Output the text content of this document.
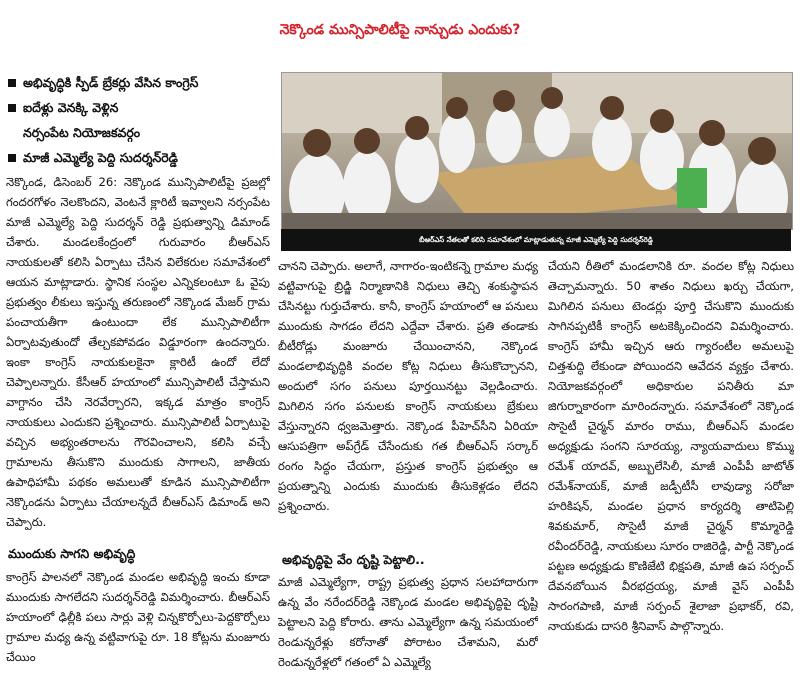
నెక్కొండ మున్సిపాలిటీపై నాన్చుడు ఎందుకు?
అభివృద్ధికి స్పీడ్ బ్రేకర్లు వేసిన కాంగ్రెస్
ఐదేళ్లు వెనక్కి వెళ్లిన
నర్సంపేట నియోజకవర్గం
మాజీ ఎమ్మెల్యే పెద్ది సుదర్శన్‌రెడ్డి

నెక్కొండ, డిసెంబర్ 26: నెక్కొండ మున్సిపాలిటీపై ప్రజల్లో గందరగోళం నెలకొందని, వెంటనే క్లారిటీ ఇవ్వాలని నర్సంపేట మాజీ ఎమ్మెల్యే పెద్ది సుదర్శన్ రెడ్డి ప్రభుత్వాన్ని డిమాండ్ చేశారు. మండలకేంద్రంలో గురువారం బీఆర్ఎస్ నాయకులతో కలిసి ఏర్పాటు చేసిన విలేకరుల సమావేశంలో ఆయన మాట్లాడారు. స్థానిక సంస్థల ఎన్నికలంటూ ఓ వైపు ప్రభుత్వం లీకులు ఇస్తున్న తరుణంలో నెక్కొండ మేజర్ గ్రామ పంచాయతీగా ఉంటుందా లేక మున్సిపాలిటీగా ఏర్పాటవుతుందో తేల్చకపోవడం విడ్డూరంగా ఉందన్నారు. ఇంకా కాంగ్రెస్ నాయకులకైనా క్లారిటీ ఉందో లేదో చెప్పాలన్నారు. కేసీఆర్ హయాంలో మున్సిపాలిటీ చేస్తామని వాగ్దానం చేసి నెరవేర్చారని, ఇక్కడ మాత్రం కాంగ్రెస్ నాయకులు ఎందుకని ప్రశ్నించారు. మున్సిపాలిటీ ఏర్పాటుపై వచ్చిన అభ్యంతరాలను గౌరవించాలని, కలిసి వచ్చే గ్రామాలను తీసుకొని ముందుకు సాగాలని, జాతీయ ఉపాధిహామీ పథకం అమలుతో కూడిన మున్సిపాలిటీగా నెక్కొండను ఏర్పాటు చేయాలన్నదే బీఆర్ఎస్ డిమాండ్ అని చెప్పారు.

ముందుకు సాగని అభివృద్ధి

కాంగ్రెస్ పాలనలో నెక్కొండ మండల అభివృద్ధి ఇంచు కూడా ముందుకు సాగలేదని సుదర్శన్‌రెడ్డి విమర్శించారు. బీఆర్ఎస్ హయాంలో ఢిల్లీకి పలు సార్లు వెళ్లి చిన్నకొర్పోలు-పెద్దకొర్పోలు గ్రామాల మధ్య ఉన్న వట్టివాగుపై రూ. 18 కోట్లను మంజూరు చేయిం

బీఆర్ఎస్ నేతలతో కలిసి సమావేశంలో మాట్లాడుతున్న మాజీ ఎమ్మెల్యే పెద్ది సుదర్శన్‌రెడ్డి

చానని చెప్పారు. అలాగే, నాగారం-ఇంటికన్నె గ్రామాల మధ్య వట్టివాగుపై బ్రిడ్జి నిర్మాణానికి నిధులు తెచ్చి శంకుస్థాపన చేసినట్టు గుర్తుచేశారు. కానీ, కాంగ్రెస్ హయాంలో ఆ పనులు ముందుకు సాగడం లేదని ఎద్దేవా చేశారు. ప్రతి తండాకు బీటీరోడ్లు మంజూరు చేయించానని, నెక్కొండ మండలాభివృద్ధికి వందల కోట్ల నిధులు తీసుకొచ్చానని, అందులో సగం పనులు పూర్తయినట్టు వెల్లడించారు. మిగిలిన సగం పనులకు కాంగ్రెస్ నాయకులు బ్రేకులు వేస్తున్నారని ధ్వజమెత్తారు. నెక్కొండ పీహెచ్‌సీని ఏరియా ఆసుపత్రిగా అప్‌గ్రేడ్ చేసేందుకు గత బీఆర్ఎస్ సర్కార్ రంగం సిద్ధం చేయగా, ప్రస్తుత కాంగ్రెస్ ప్రభుత్వం ఆ ప్రయత్నాన్ని ఎందుకు ముందుకు తీసుకెళ్లడం లేదని ప్రశ్నించారు.

అభివృద్ధిపై వేం దృష్టి పెట్టాలి..

మాజీ ఎమ్మెల్యేగా, రాష్ట్ర ప్రభుత్వ ప్రధాన సలహాదారుగా ఉన్న వేం నరేందర్‌రెడ్డి నెక్కొండ మండల అభివృద్ధిపై దృష్టి పెట్టాలని పెద్ది కోరారు. తాను ఎమ్మెల్యేగా ఉన్న సమయంలో రెండున్నరేళ్లు కరోనాతో పోరాటం చేశామని, మరో రెండున్నరేళ్లలో గతంలో ఏ ఎమ్మెల్యే

చేయని రీతిలో మండలానికి రూ. వందల కోట్ల నిధులు తెచ్చామన్నారు. 50 శాతం నిధులు ఖర్చు చేయగా, మిగిలిన పనులు టెండర్లు పూర్తి చేసుకొని ముందుకు సాగినప్పటికీ కాంగ్రెస్ అటకెక్కించిందని విమర్శించారు. కాంగ్రెస్ హామీ ఇచ్చిన ఆరు గ్యారంటీల అమలుపై చిత్తశుద్ధి లేకుండా పోయిందని ఆవేదన వ్యక్తం చేశారు. నియోజకవర్గంలో అధికారుల పనితీరు మా జిగుర్నాకారంగా మారిందన్నారు. సమావేశంలో నెక్కొండ సొసైటీ చైర్మన్ మారం రాము, బీఆర్ఎస్ మండల అధ్యక్షుడు సంగని సూరయ్య, న్యాయవాదులు కొమ్ము రమేశ్ యాదవ్, అబ్బులేసిలీ, మాజీ ఎంపీపీ జాటోత్ రమేశ్‌నాయక్, మాజీ జడ్పీటీసీ లావుడ్యా సరోజా హరికిషన్, మండల ప్రధాన కార్యదర్శి తాటిపెల్లి శివకుమార్, సొసైటీ మాజీ చైర్మన్ కొమ్మారెడ్డి రవీందర్‌రెడ్డి, నాయకులు సూరం రాజిరెడ్డి, పార్టీ నెక్కొండ పట్టణ అధ్యక్షుడు కొణిజేటి భిక్షపతి, మాజీ ఉప సర్పంచ్ దేవనబోయిన వీరభద్రయ్య, మాజీ వైస్ ఎంపీపీ సారంగపాణి, మాజీ సర్పంచ్ శైలాజా ప్రభాకర్, రవి, నాయకుడు దాసరి శ్రీనివాస్ పాల్గొన్నారు.
